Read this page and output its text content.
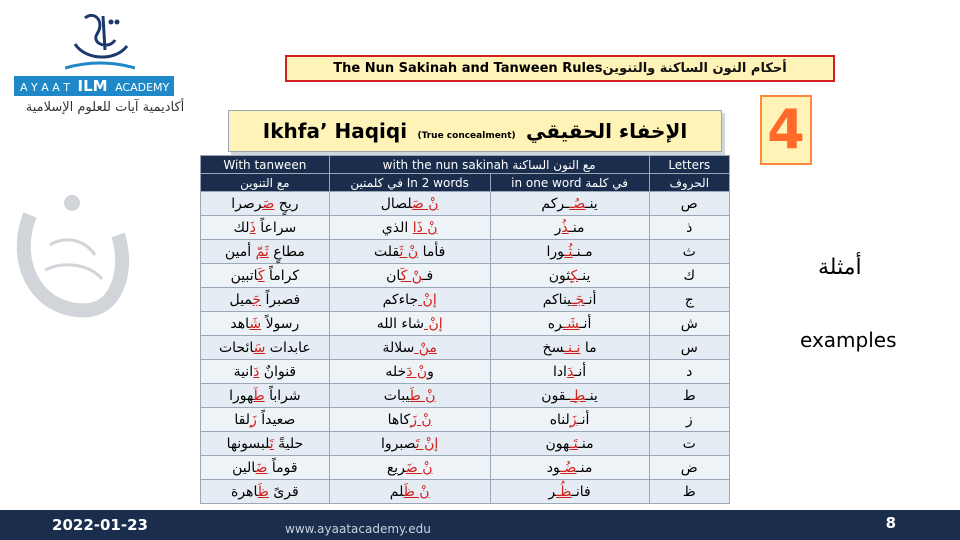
A Y A A T ILM ACADEMY
أكاديمية آيات للعلوم الإسلامية
The Nun Sakinah and Tanween Rulesأحكام النون الساكنة والتنوين
Ikhfa’ Haqiqi (True concealment) الإخفاء الحقيقي	4
With tanween	with the nun sakinah مع النون الساكنة		Letters
مع التنوين	في كلمتين In 2 words	in one word في كلمة	الحروف
ريحٍ صَرصرا	نْ صَلصال	ينـصُــركم	ص
سراعاً ذَلك	نْ ذَا الذي	منـذُر	ذ
مطاعٍ ثَمّ أمين	فأما نْ ثَقلت	مـنـثُـورا	ث
كراماً كَاتبين	فـنْ كَان	ينـكِثون	ك
فصبراً جَميل	إنْ جاءكم	أنـجَـيناكم	ج
رسولاً شَاهد	إنْ شاء الله	أنـشَـره	ش
عابدات سَائحات	منْ سلالة	ما نـنـسخ	س
قنوانٌ دَانية	ونْ دَخله	أنـدَادا	د
شراباً طَهورا	نْ طَيبات	ينـطِــقون	ط
صعيداً زَلقا	نْ زَكاها	أنـزَلناه	ز
حليةً تَلبسونها	إنْ تَصبروا	منـتَـهون	ت
قوماً ضَالين	نْ ضَريع	منـضُـود	ض
قرىً ظَاهرة	نْ ظَلم	فانـظُـر	ظ
أمثلة
examples
2022-01-23	www.ayaatacademy.edu	8
